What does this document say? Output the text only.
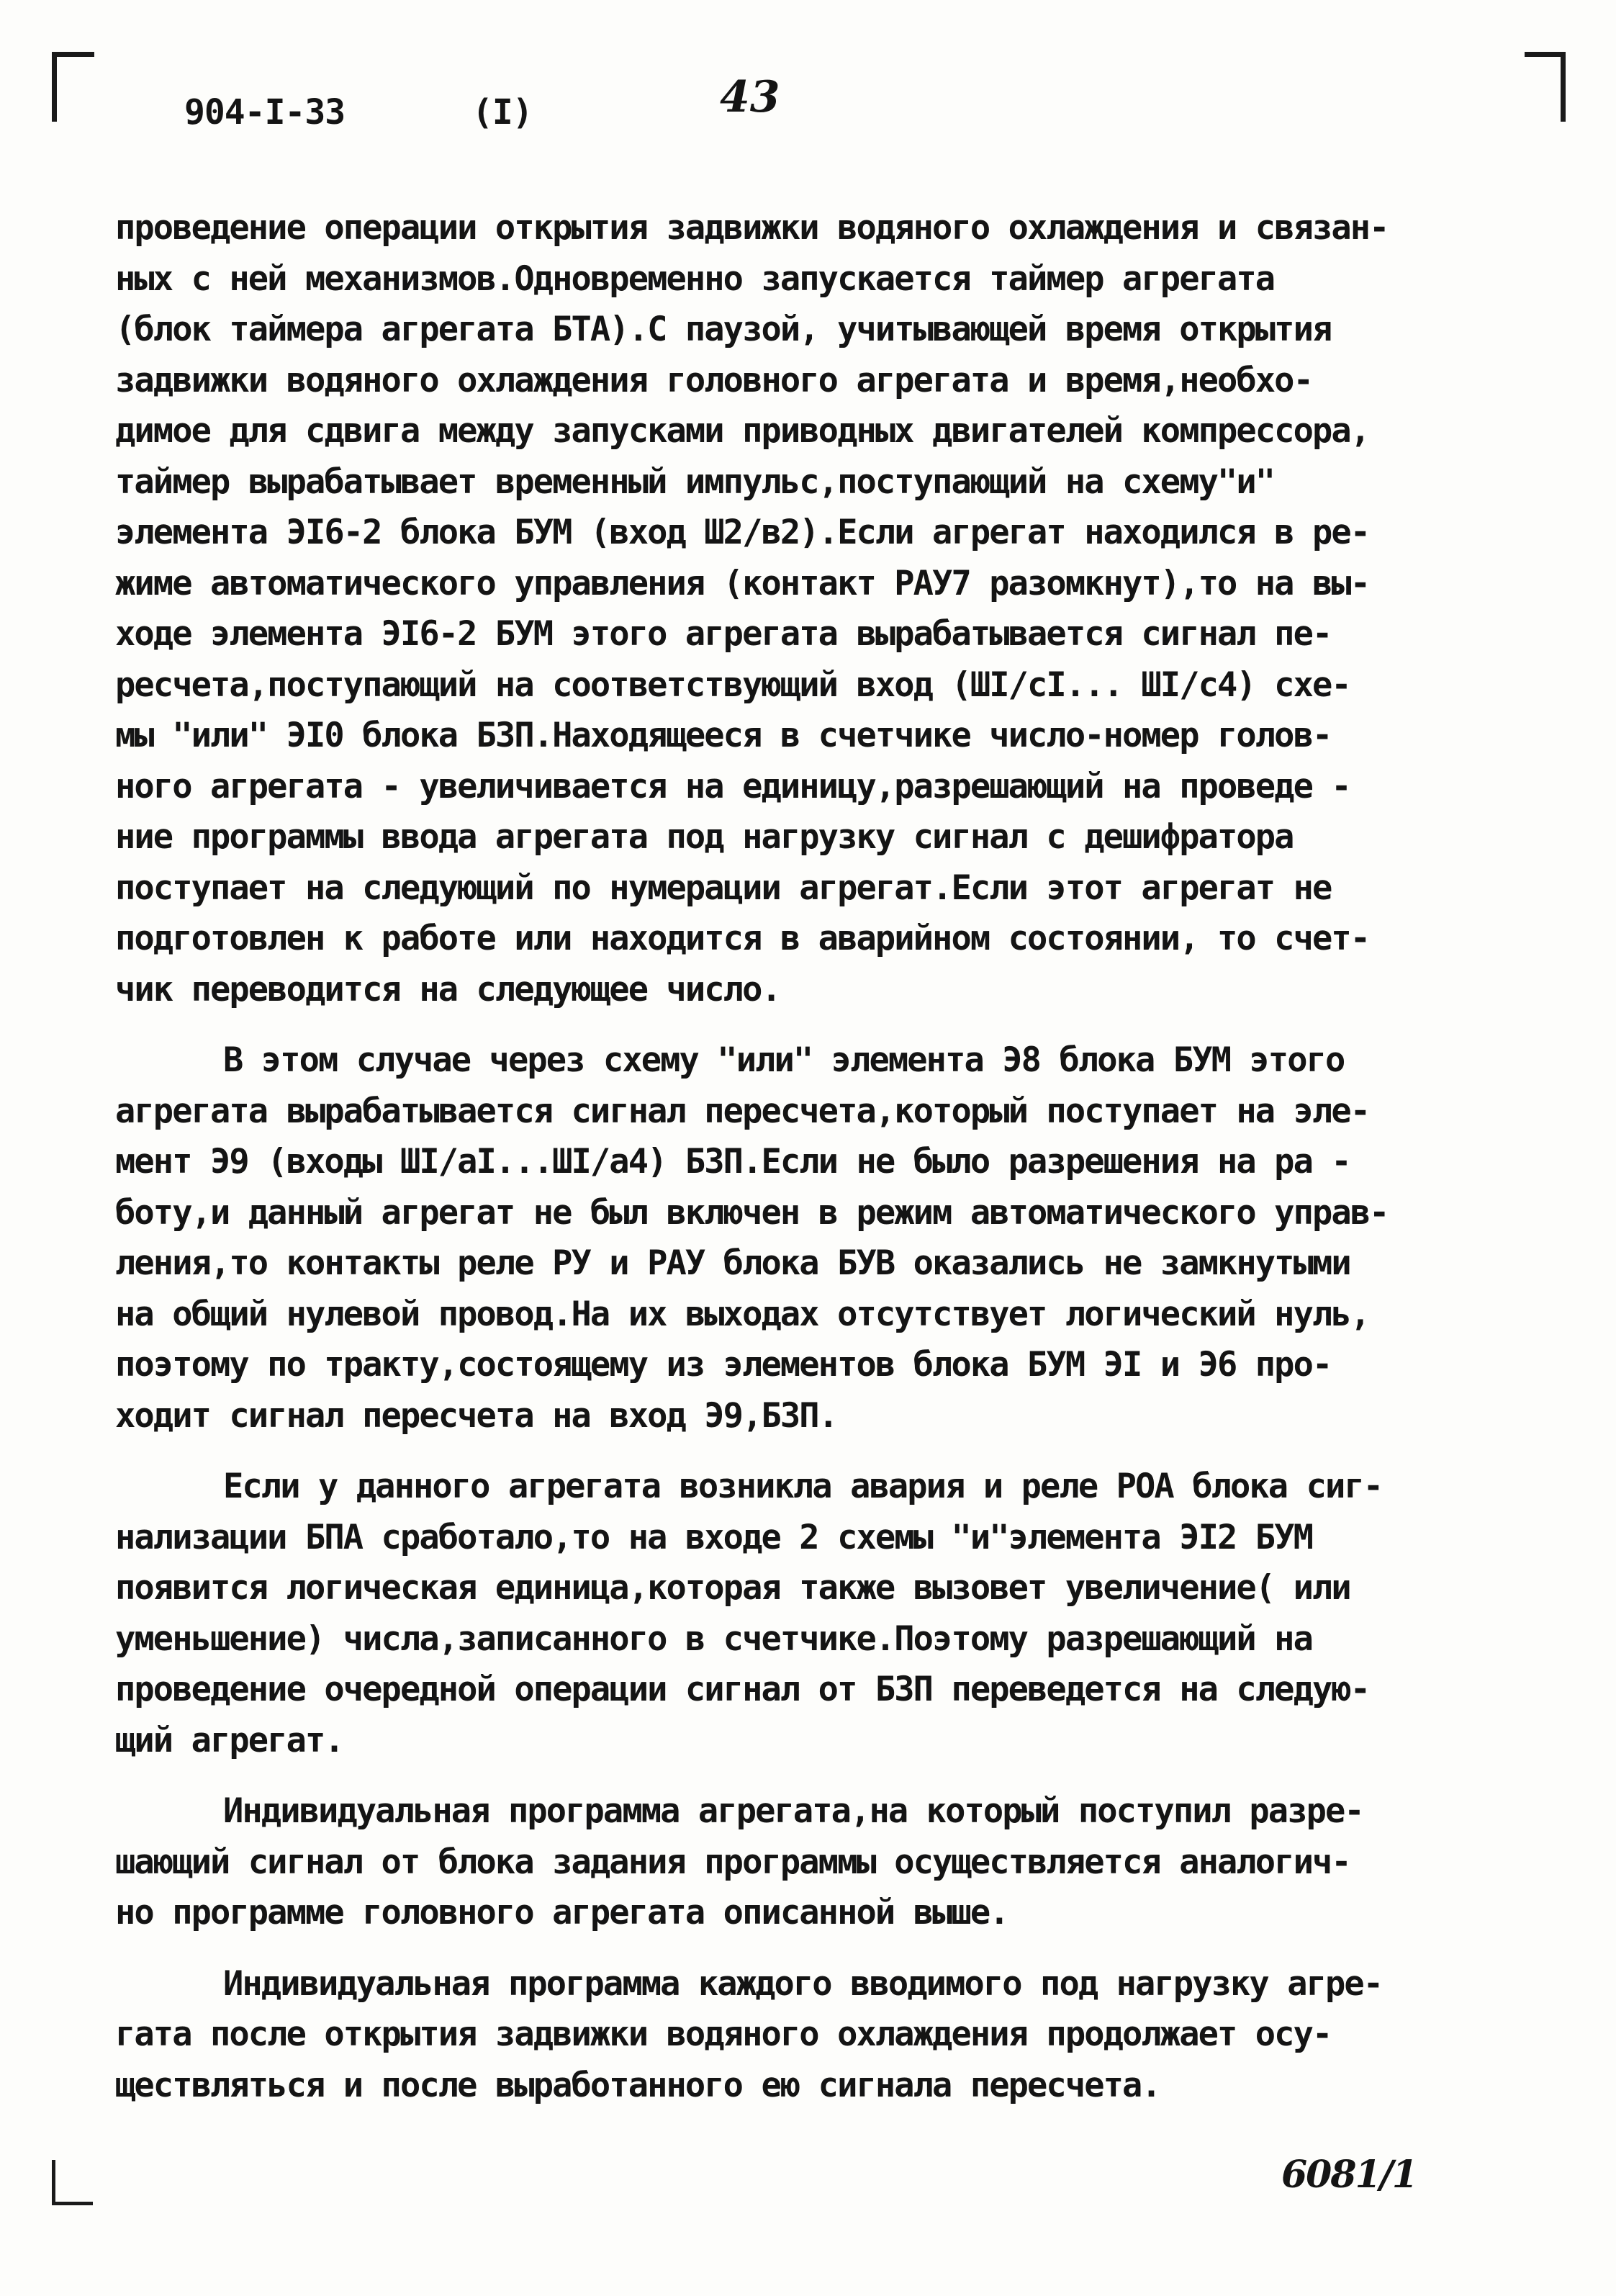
904-I-33	(I)	43
проведение операции открытия задвижки водяного охлаждения и связан-
ных с ней механизмов.Одновременно запускается таймер агрегата
(блок таймера агрегата БТА).С паузой, учитывающей время открытия
задвижки водяного охлаждения головного агрегата и время,необхо-
димое для сдвига между запусками приводных двигателей компрессора,
таймер вырабатывает временный импульс,поступающий на схему"и"
элемента ЭI6-2 блока БУМ (вход Ш2/в2).Если агрегат находился в ре-
жиме автоматического управления (контакт РАУ7 разомкнут),то на вы-
ходе элемента ЭI6-2 БУМ этого агрегата вырабатывается сигнал пе-
ресчета,поступающий на соответствующий вход (ШI/сI... ШI/с4) схе-
мы "или" ЭI0 блока БЗП.Находящееся в счетчике число-номер голов-
ного агрегата - увеличивается на единицу,разрешающий на проведе -
ние программы ввода агрегата под нагрузку сигнал с дешифратора
поступает на следующий по нумерации агрегат.Если этот агрегат не
подготовлен к работе или находится в аварийном состоянии, то счет-
чик переводится на следующее число.
В этом случае через схему "или" элемента Э8 блока БУМ этого
агрегата вырабатывается сигнал пересчета,который поступает на эле-
мент Э9 (входы ШI/аI...ШI/а4) БЗП.Если не было разрешения на ра -
боту,и данный агрегат не был включен в режим автоматического управ-
ления,то контакты реле РУ и РАУ блока БУВ оказались не замкнутыми
на общий нулевой провод.На их выходах отсутствует логический нуль,
поэтому по тракту,состоящему из элементов блока БУМ ЭI и Э6 про-
ходит сигнал пересчета на вход Э9,БЗП.
Если у данного агрегата возникла авария и реле РОА блока сиг-
нализации БПА сработало,то на входе 2 схемы "и"элемента ЭI2 БУМ
появится логическая единица,которая также вызовет увеличение( или
уменьшение) числа,записанного в счетчике.Поэтому разрешающий на
проведение очередной операции сигнал от БЗП переведется на следую-
щий агрегат.
Индивидуальная программа агрегата,на который поступил разре-
шающий сигнал от блока задания программы осуществляется аналогич-
но программе головного агрегата описанной выше.
Индивидуальная программа каждого вводимого под нагрузку агре-
гата после открытия задвижки водяного охлаждения продолжает осу-
ществляться и после выработанного ею сигнала пересчета.
6081/1
